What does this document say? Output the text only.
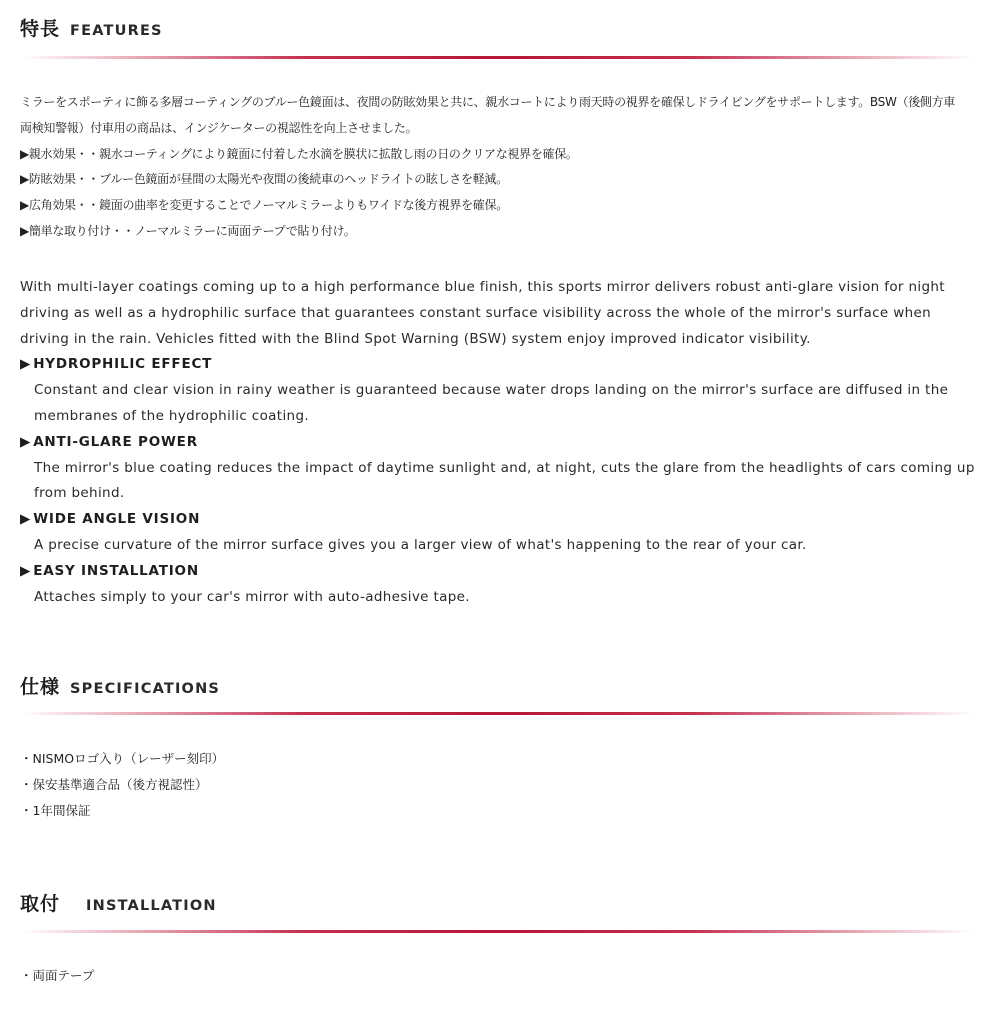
特長 FEATURES
ミラーをスポーティに飾る多層コーティングのブルー色鏡面は、夜間の防眩効果と共に、親水コートにより雨天時の視界を確保しドライビングをサポートします。BSW（後側方車
両検知警報）付車用の商品は、インジケーターの視認性を向上させました。
▶親水効果・・親水コーティングにより鏡面に付着した水滴を膜状に拡散し雨の日のクリアな視界を確保。
▶防眩効果・・ブルー色鏡面が昼間の太陽光や夜間の後続車のヘッドライトの眩しさを軽減。
▶広角効果・・鏡面の曲率を変更することでノーマルミラーよりもワイドな後方視界を確保。
▶簡単な取り付け・・ノーマルミラーに両面テープで貼り付け。
With multi-layer coatings coming up to a high performance blue finish, this sports mirror delivers robust anti-glare vision for night driving as well as a hydrophilic surface that guarantees constant surface visibility across the whole of the mirror's surface when driving in the rain. Vehicles fitted with the Blind Spot Warning (BSW) system enjoy improved indicator visibility.
▶ HYDROPHILIC EFFECT
Constant and clear vision in rainy weather is guaranteed because water drops landing on the mirror's surface are diffused in the membranes of the hydrophilic coating.
▶ ANTI-GLARE POWER
The mirror's blue coating reduces the impact of daytime sunlight and, at night, cuts the glare from the headlights of cars coming up from behind.
▶ WIDE ANGLE VISION
A precise curvature of the mirror surface gives you a larger view of what's happening to the rear of your car.
▶ EASY INSTALLATION
Attaches simply to your car's mirror with auto-adhesive tape.
仕様 SPECIFICATIONS
・NISMOロゴ入り（レーザー刻印）
・保安基準適合品（後方視認性）
・1年間保証
取付 INSTALLATION
・両面テープ
